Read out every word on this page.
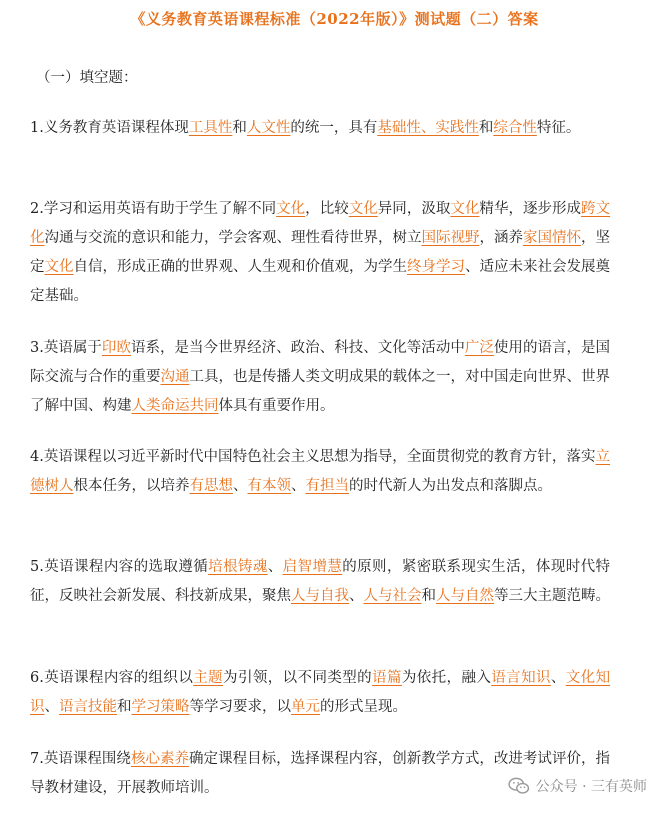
《义务教育英语课程标准（2022年版）》测试题（二）答案
（一）填空题：
1.义务教育英语课程体现工具性和人文性的统一，具有基础性、实践性和综合性特征。
2.学习和运用英语有助于学生了解不同文化，比较文化异同，汲取文化精华，逐步形成跨文化沟通与交流的意识和能力，学会客观、理性看待世界，树立国际视野，涵养家国情怀，坚定文化自信，形成正确的世界观、人生观和价值观，为学生终身学习、适应未来社会发展奠定基础。
3.英语属于印欧语系，是当今世界经济、政治、科技、文化等活动中广泛使用的语言，是国际交流与合作的重要沟通工具，也是传播人类文明成果的载体之一，对中国走向世界、世界了解中国、构建人类命运共同体具有重要作用。
4.英语课程以习近平新时代中国特色社会主义思想为指导，全面贯彻党的教育方针，落实立德树人根本任务，以培养有思想、有本领、有担当的时代新人为出发点和落脚点。
5.英语课程内容的选取遵循培根铸魂、启智增慧的原则，紧密联系现实生活，体现时代特征，反映社会新发展、科技新成果，聚焦人与自我、人与社会和人与自然等三大主题范畴。
6.英语课程内容的组织以主题为引领，以不同类型的语篇为依托，融入语言知识、文化知识、语言技能和学习策略等学习要求，以单元的形式呈现。
7.英语课程围绕核心素养确定课程目标，选择课程内容，创新教学方式，改进考试评价，指导教材建设，开展教师培训。	公众号 · 三有英师
